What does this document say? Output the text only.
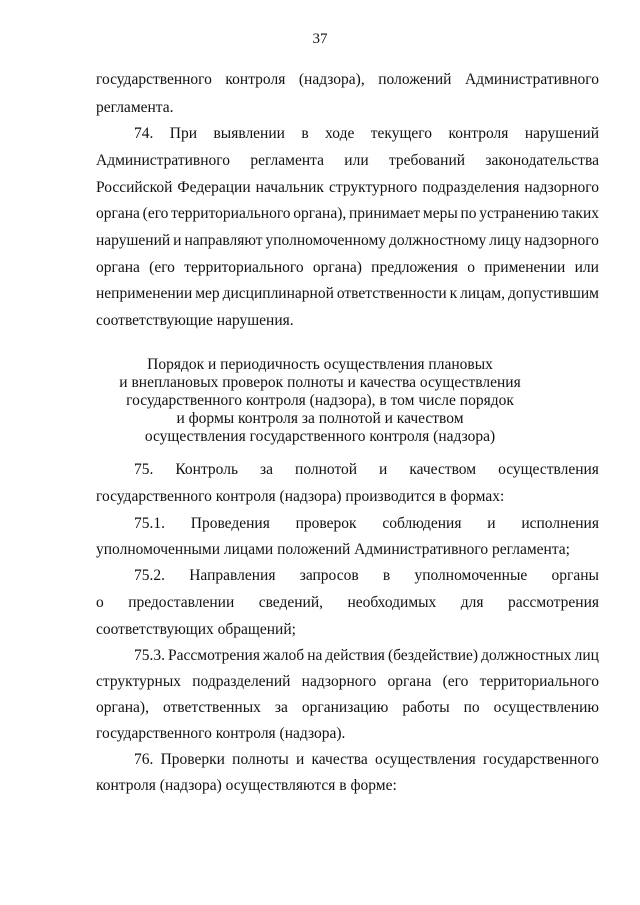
37
государственного контроля (надзора), положений Административного
регламента.
74. При выявлении в ходе текущего контроля нарушений
Административного регламента или требований законодательства
Российской Федерации начальник структурного подразделения надзорного
органа (его территориального органа), принимает меры по устранению таких
нарушений и направляют уполномоченному должностному лицу надзорного
органа (его территориального органа) предложения о применении или
неприменении мер дисциплинарной ответственности к лицам, допустившим
соответствующие нарушения.
Порядок и периодичность осуществления плановых
и внеплановых проверок полноты и качества осуществления
государственного контроля (надзора), в том числе порядок
и формы контроля за полнотой и качеством
осуществления государственного контроля (надзора)
75. Контроль за полнотой и качеством осуществления
государственного контроля (надзора) производится в формах:
75.1. Проведения проверок соблюдения и исполнения
уполномоченными лицами положений Административного регламента;
75.2. Направления запросов в уполномоченные органы
о предоставлении сведений, необходимых для рассмотрения
соответствующих обращений;
75.3. Рассмотрения жалоб на действия (бездействие) должностных лиц
структурных подразделений надзорного органа (его территориального
органа), ответственных за организацию работы по осуществлению
государственного контроля (надзора).
76. Проверки полноты и качества осуществления государственного
контроля (надзора) осуществляются в форме:
